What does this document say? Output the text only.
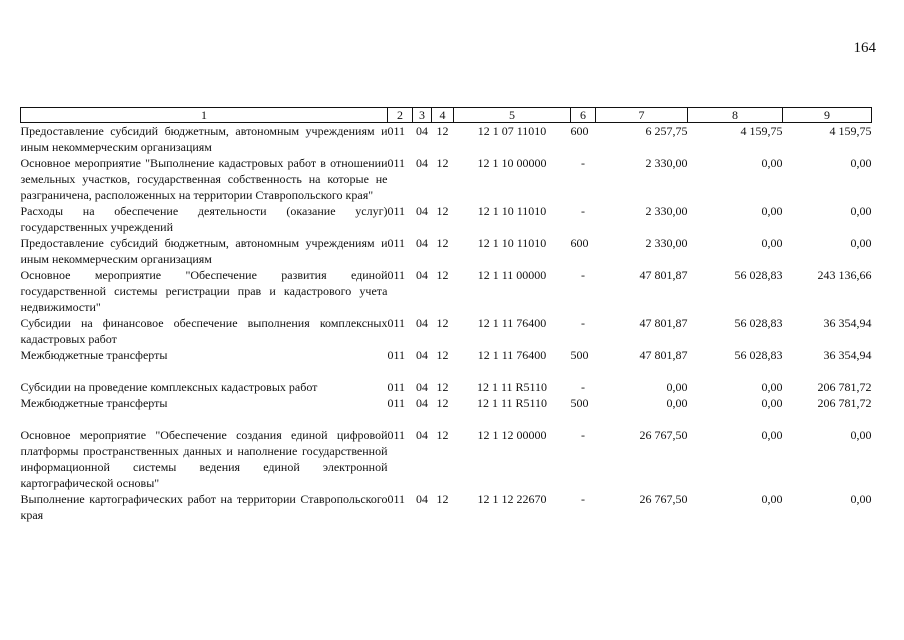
164
1	2	3	4	5	6	7	8	9
Предоставление субсидий бюджетным, автономным учреждениям и иным некоммерческим организациям	011	04	12	12 1 07 11010	600	6 257,75	4 159,75	4 159,75
Основное мероприятие "Выполнение кадастровых работ в отношении земельных участков, государственная собственность на которые не разграничена, расположенных на территории Ставропольского края"	011	04	12	12 1 10 00000	-	2 330,00	0,00	0,00
Расходы на обеспечение деятельности (оказание услуг) государственных учреждений	011	04	12	12 1 10 11010	-	2 330,00	0,00	0,00
Предоставление субсидий бюджетным, автономным учреждениям и иным некоммерческим организациям	011	04	12	12 1 10 11010	600	2 330,00	0,00	0,00
Основное мероприятие "Обеспечение развития единой государственной системы регистрации прав и кадастрового учета недвижимости"	011	04	12	12 1 11 00000	-	47 801,87	56 028,83	243 136,66
Субсидии на финансовое обеспечение выполнения комплексных кадастровых работ	011	04	12	12 1 11 76400	-	47 801,87	56 028,83	36 354,94
Межбюджетные трансферты	011	04	12	12 1 11 76400	500	47 801,87	56 028,83	36 354,94

Субсидии на проведение комплексных кадастровых работ	011	04	12	12 1 11 R5110	-	0,00	0,00	206 781,72
Межбюджетные трансферты	011	04	12	12 1 11 R5110	500	0,00	0,00	206 781,72

Основное мероприятие "Обеспечение создания единой цифровой платформы пространственных данных и наполнение государственной информационной системы ведения единой электронной картографической основы"	011	04	12	12 1 12 00000	-	26 767,50	0,00	0,00
Выполнение картографических работ на территории Ставропольского края	011	04	12	12 1 12 22670	-	26 767,50	0,00	0,00
